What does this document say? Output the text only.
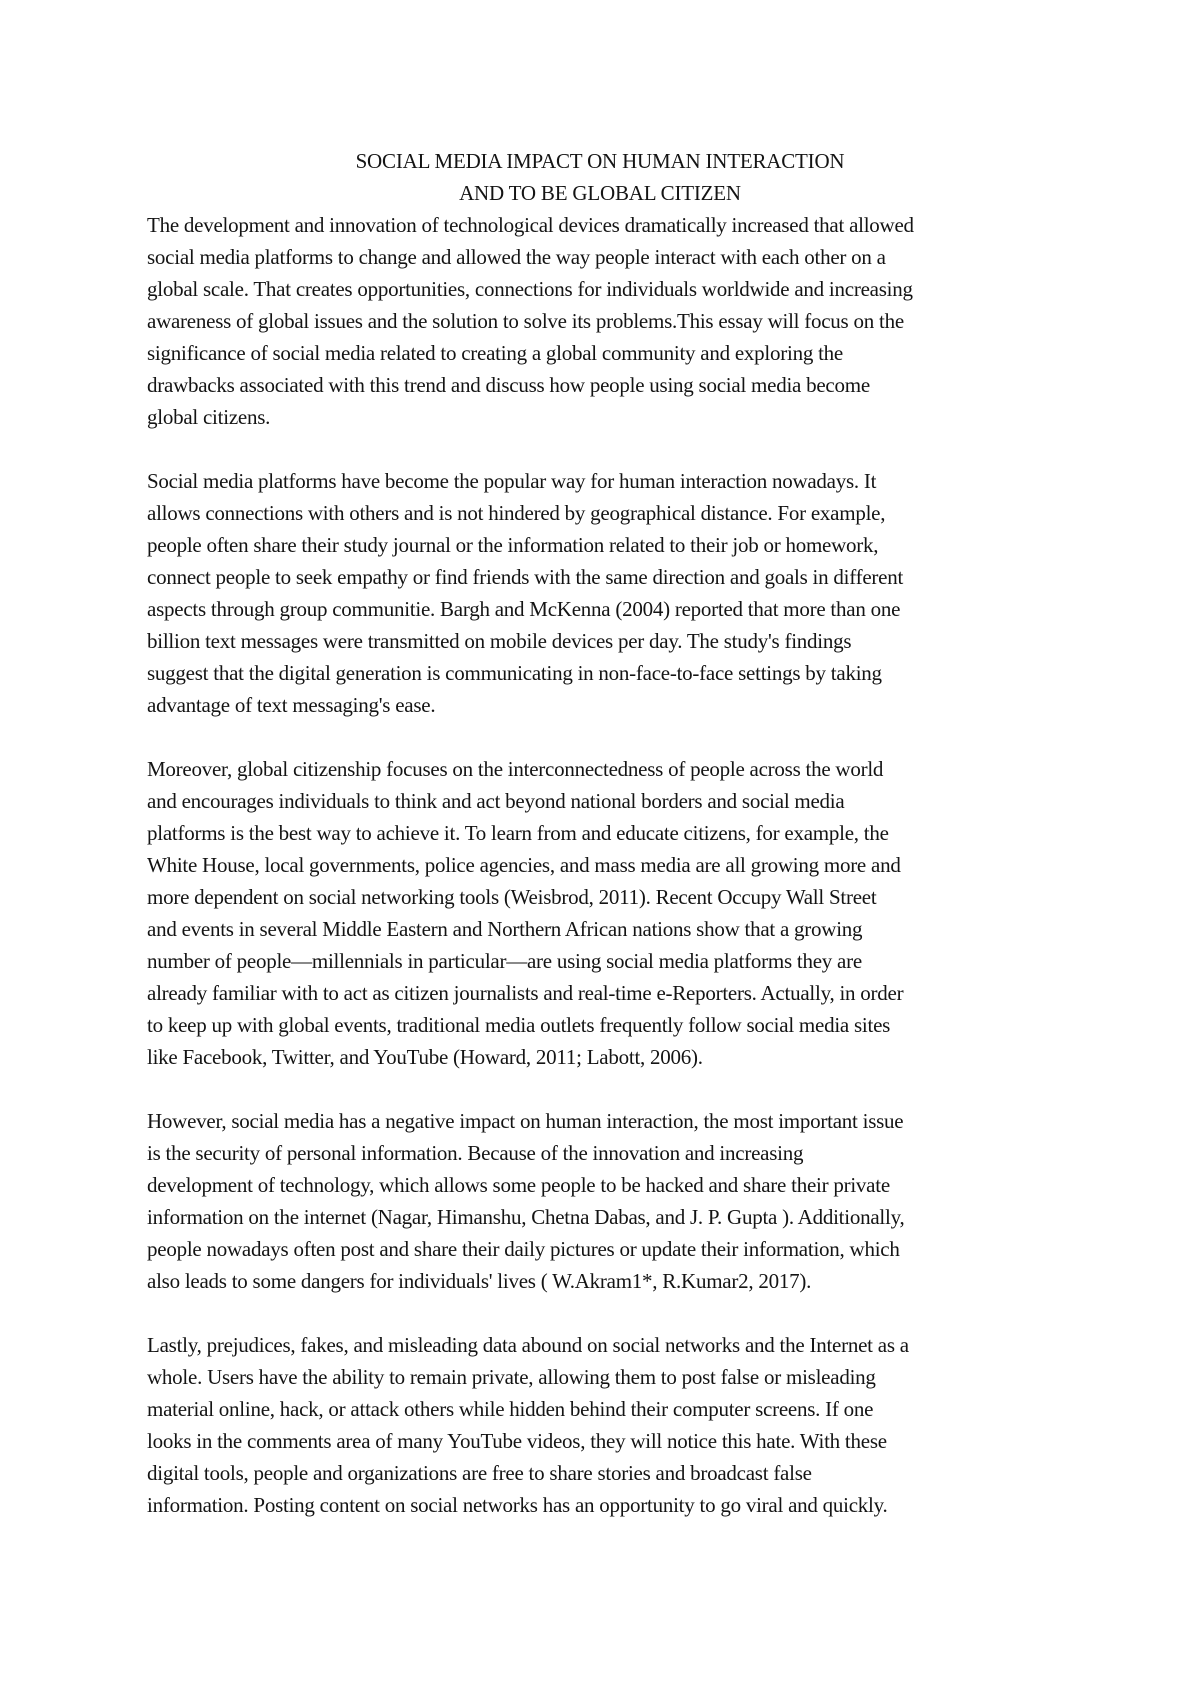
SOCIAL MEDIA IMPACT ON HUMAN INTERACTION
AND TO BE GLOBAL CITIZEN
The development and innovation of technological devices dramatically increased that allowed
social media platforms to change and allowed the way people interact with each other on a
global scale. That creates opportunities, connections for individuals worldwide and increasing
awareness of global issues and the solution to solve its problems.This essay will focus on the
significance of social media related to creating a global community and exploring the
drawbacks associated with this trend and discuss how people using social media become
global citizens.
Social media platforms have become the popular way for human interaction nowadays. It
allows connections with others and is not hindered by geographical distance. For example,
people often share their study journal or the information related to their job or homework,
connect people to seek empathy or find friends with the same direction and goals in different
aspects through group communitie. Bargh and McKenna (2004) reported that more than one
billion text messages were transmitted on mobile devices per day. The study's findings
suggest that the digital generation is communicating in non-face-to-face settings by taking
advantage of text messaging's ease.
Moreover, global citizenship focuses on the interconnectedness of people across the world
and encourages individuals to think and act beyond national borders and social media
platforms is the best way to achieve it. To learn from and educate citizens, for example, the
White House, local governments, police agencies, and mass media are all growing more and
more dependent on social networking tools (Weisbrod, 2011). Recent Occupy Wall Street
and events in several Middle Eastern and Northern African nations show that a growing
number of people—millennials in particular—are using social media platforms they are
already familiar with to act as citizen journalists and real-time e-Reporters. Actually, in order
to keep up with global events, traditional media outlets frequently follow social media sites
like Facebook, Twitter, and YouTube (Howard, 2011; Labott, 2006).
However, social media has a negative impact on human interaction, the most important issue
is the security of personal information. Because of the innovation and increasing
development of technology, which allows some people to be hacked and share their private
information on the internet (Nagar, Himanshu, Chetna Dabas, and J. P. Gupta ). Additionally,
people nowadays often post and share their daily pictures or update their information, which
also leads to some dangers for individuals' lives ( W.Akram1*, R.Kumar2, 2017).
Lastly, prejudices, fakes, and misleading data abound on social networks and the Internet as a
whole. Users have the ability to remain private, allowing them to post false or misleading
material online, hack, or attack others while hidden behind their computer screens. If one
looks in the comments area of many YouTube videos, they will notice this hate. With these
digital tools, people and organizations are free to share stories and broadcast false
information. Posting content on social networks has an opportunity to go viral and quickly.
